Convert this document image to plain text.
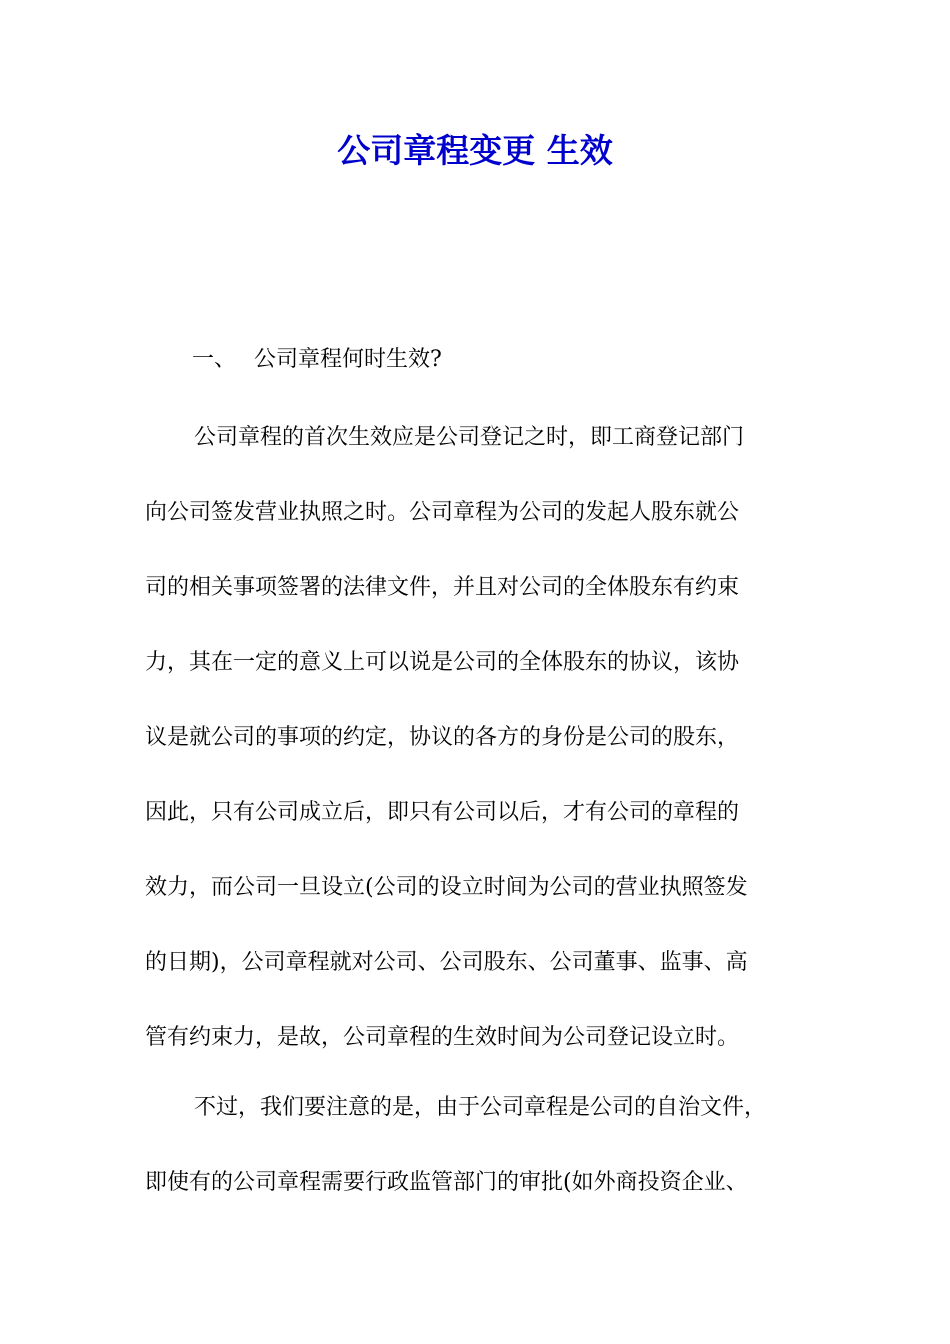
公司章程变更 生效

一、 公司章程何时生效?

公司章程的首次生效应是公司登记之时，即工商登记部门
向公司签发营业执照之时。公司章程为公司的发起人股东就公
司的相关事项签署的法律文件，并且对公司的全体股东有约束
力，其在一定的意义上可以说是公司的全体股东的协议，该协
议是就公司的事项的约定，协议的各方的身份是公司的股东，
因此，只有公司成立后，即只有公司以后，才有公司的章程的
效力，而公司一旦设立(公司的设立时间为公司的营业执照签发
的日期)，公司章程就对公司、公司股东、公司董事、监事、高
管有约束力，是故，公司章程的生效时间为公司登记设立时。
不过，我们要注意的是，由于公司章程是公司的自治文件，
即使有的公司章程需要行政监管部门的审批(如外商投资企业、
